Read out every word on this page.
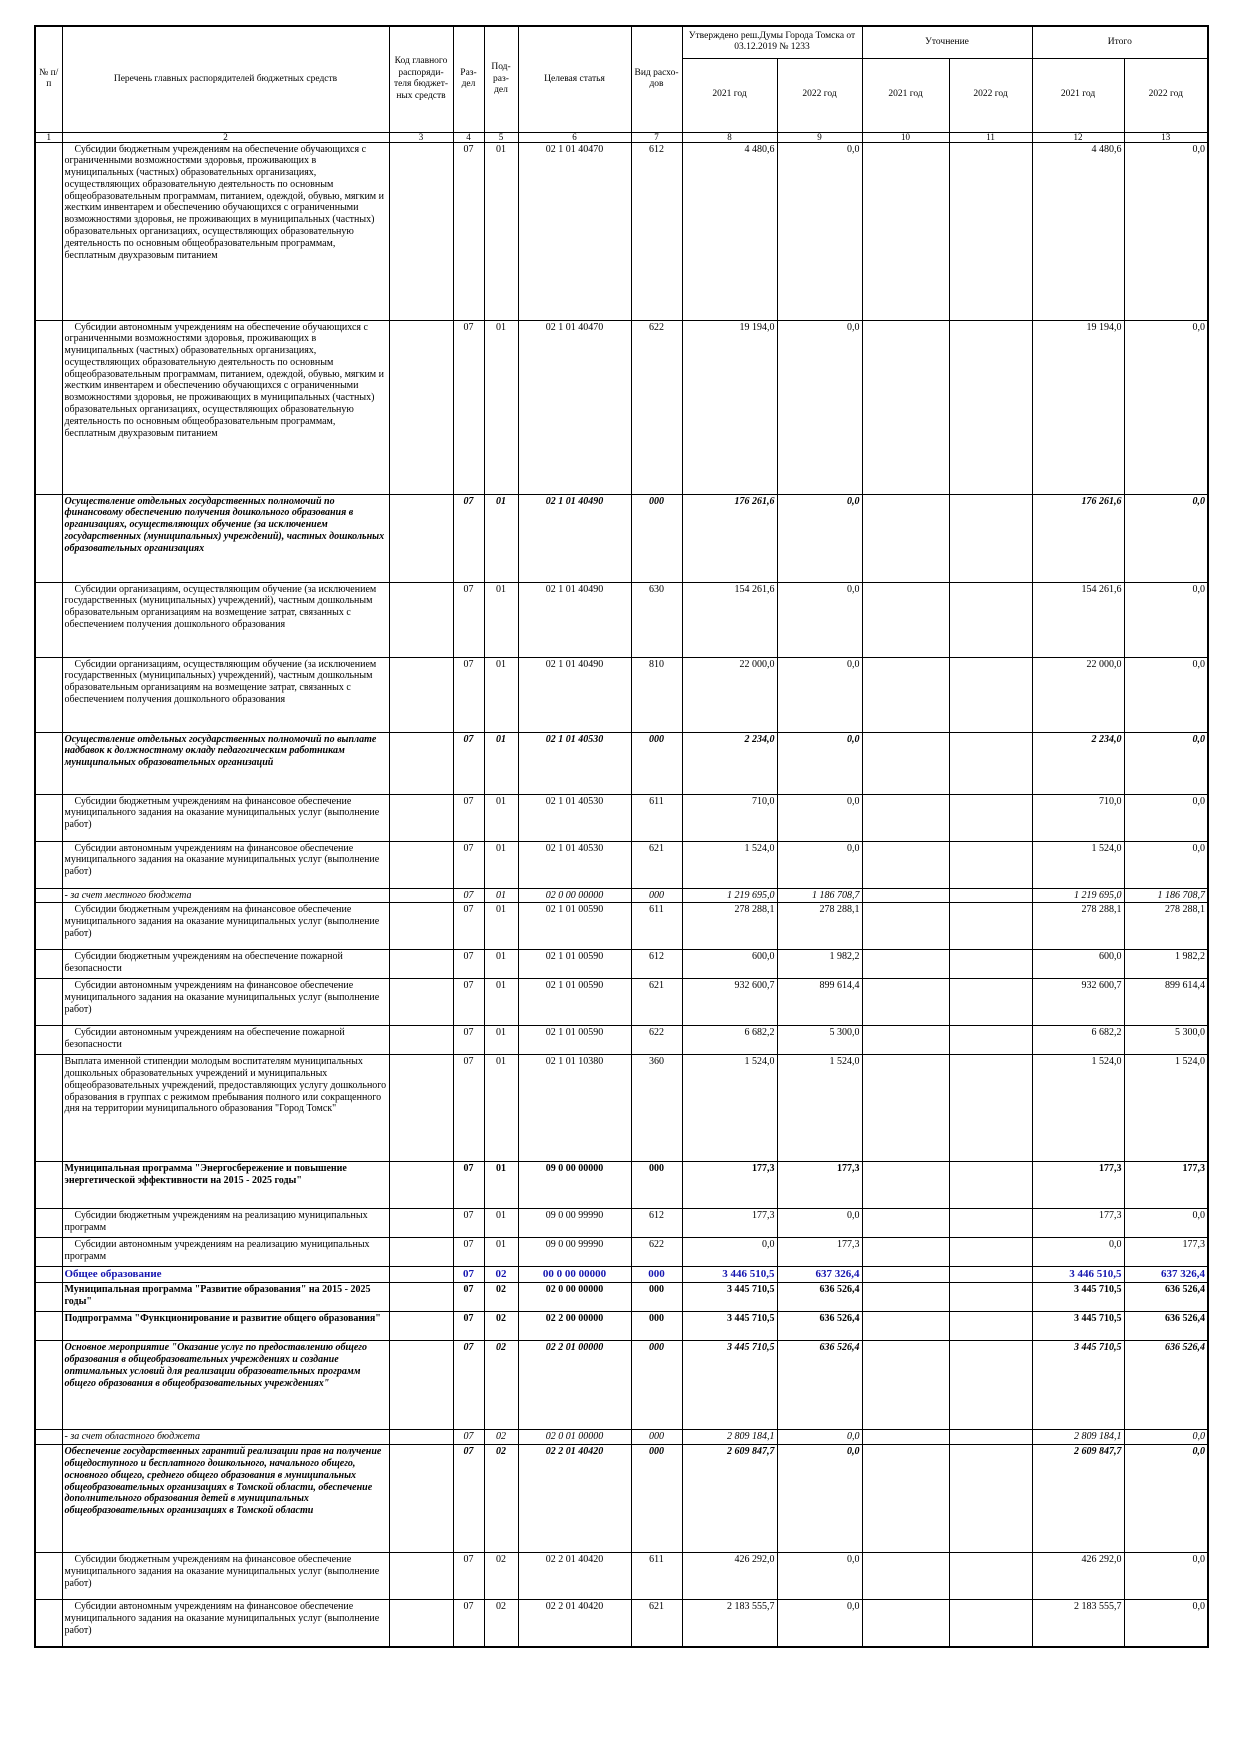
№ п/п	Перечень главных распорядителей бюджетных средств	Код главного распоряди-теля бюджет-ных средств	Раз-дел	Под-раз-дел	Целевая статья	Вид расхо-дов	Утверждено реш.Думы Города Томска от 03.12.2019 № 1233		Уточнение		Итого	
							2021 год	2022 год	2021 год	2022 год	2021 год	2022 год
1	2	3	4	5	6	7	8	9	10	11	12	13
	Субсидии бюджетным учреждениям на обеспечение обучающихся с ограниченными возможностями здоровья, проживающих в муниципальных (частных) образовательных организациях, осуществляющих образовательную деятельность по основным общеобразовательным программам, питанием, одеждой, обувью, мягким и жестким инвентарем и обеспечению обучающихся с ограниченными возможностями здоровья, не проживающих в муниципальных (частных) образовательных организациях, осуществляющих образовательную деятельность по основным общеобразовательным программам, бесплатным двухразовым питанием		07	01	02 1 01 40470	612	4 480,6	0,0			4 480,6	0,0
	Субсидии автономным учреждениям на обеспечение обучающихся с ограниченными возможностями здоровья, проживающих в муниципальных (частных) образовательных организациях, осуществляющих образовательную деятельность по основным общеобразовательным программам, питанием, одеждой, обувью, мягким и жестким инвентарем и обеспечению обучающихся с ограниченными возможностями здоровья, не проживающих в муниципальных (частных) образовательных организациях, осуществляющих образовательную деятельность по основным общеобразовательным программам, бесплатным двухразовым питанием		07	01	02 1 01 40470	622	19 194,0	0,0			19 194,0	0,0
	Осуществление отдельных государственных полномочий по финансовому обеспечению получения дошкольного образования в организациях, осуществляющих обучение (за исключением государственных (муниципальных) учреждений), частных дошкольных образовательных организациях		07	01	02 1 01 40490	000	176 261,6	0,0			176 261,6	0,0
	Субсидии организациям, осуществляющим обучение (за исключением государственных (муниципальных) учреждений), частным дошкольным образовательным организациям на возмещение затрат, связанных с обеспечением получения дошкольного образования		07	01	02 1 01 40490	630	154 261,6	0,0			154 261,6	0,0
	Субсидии организациям, осуществляющим обучение (за исключением государственных (муниципальных) учреждений), частным дошкольным образовательным организациям на возмещение затрат, связанных с обеспечением получения дошкольного образования		07	01	02 1 01 40490	810	22 000,0	0,0			22 000,0	0,0
	Осуществление отдельных государственных полномочий по выплате надбавок к должностному окладу педагогическим работникам муниципальных образовательных организаций		07	01	02 1 01 40530	000	2 234,0	0,0			2 234,0	0,0
	Субсидии бюджетным учреждениям на финансовое обеспечение муниципального задания на оказание муниципальных услуг (выполнение работ)		07	01	02 1 01 40530	611	710,0	0,0			710,0	0,0
	Субсидии автономным учреждениям на финансовое обеспечение муниципального задания на оказание муниципальных услуг (выполнение работ)		07	01	02 1 01 40530	621	1 524,0	0,0			1 524,0	0,0
	- за счет местного бюджета		07	01	02 0 00 00000	000	1 219 695,0	1 186 708,7			1 219 695,0	1 186 708,7
	Субсидии бюджетным учреждениям на финансовое обеспечение муниципального задания на оказание муниципальных услуг (выполнение работ)		07	01	02 1 01 00590	611	278 288,1	278 288,1			278 288,1	278 288,1
	Субсидии бюджетным учреждениям на обеспечение пожарной безопасности		07	01	02 1 01 00590	612	600,0	1 982,2			600,0	1 982,2
	Субсидии автономным учреждениям на финансовое обеспечение муниципального задания на оказание муниципальных услуг (выполнение работ)		07	01	02 1 01 00590	621	932 600,7	899 614,4			932 600,7	899 614,4
	Субсидии автономным учреждениям на обеспечение пожарной безопасности		07	01	02 1 01 00590	622	6 682,2	5 300,0			6 682,2	5 300,0
	Выплата именной стипендии молодым воспитателям муниципальных дошкольных образовательных учреждений и муниципальных общеобразовательных учреждений, предоставляющих услугу дошкольного образования в группах с режимом пребывания полного или сокращенного дня на территории муниципального образования "Город Томск"		07	01	02 1 01 10380	360	1 524,0	1 524,0			1 524,0	1 524,0
	Муниципальная программа "Энергосбережение и повышение энергетической эффективности на 2015 - 2025 годы"		07	01	09 0 00 00000	000	177,3	177,3			177,3	177,3
	Субсидии бюджетным учреждениям на реализацию муниципальных программ		07	01	09 0 00 99990	612	177,3	0,0			177,3	0,0
	Субсидии автономным учреждениям на реализацию муниципальных программ		07	01	09 0 00 99990	622	0,0	177,3			0,0	177,3
	Общее образование		07	02	00 0 00 00000	000	3 446 510,5	637 326,4			3 446 510,5	637 326,4
	Муниципальная программа "Развитие образования" на 2015 - 2025 годы"		07	02	02 0 00 00000	000	3 445 710,5	636 526,4			3 445 710,5	636 526,4
	Подпрограмма "Функционирование и развитие общего образования"		07	02	02 2 00 00000	000	3 445 710,5	636 526,4			3 445 710,5	636 526,4
	Основное мероприятие "Оказание услуг по предоставлению общего образования в общеобразовательных учреждениях и создание оптимальных условий для реализации образовательных программ общего образования в общеобразовательных учреждениях"		07	02	02 2 01 00000	000	3 445 710,5	636 526,4			3 445 710,5	636 526,4
	- за счет областного бюджета		07	02	02 0 01 00000	000	2 809 184,1	0,0			2 809 184,1	0,0
	Обеспечение государственных гарантий реализации прав на получение общедоступного и бесплатного дошкольного, начального общего, основного общего, среднего общего образования в муниципальных общеобразовательных организациях в Томской области, обеспечение дополнительного образования детей в муниципальных общеобразовательных организациях в Томской области		07	02	02 2 01 40420	000	2 609 847,7	0,0			2 609 847,7	0,0
	Субсидии бюджетным учреждениям на финансовое обеспечение муниципального задания на оказание муниципальных услуг (выполнение работ)		07	02	02 2 01 40420	611	426 292,0	0,0			426 292,0	0,0
	Субсидии автономным учреждениям на финансовое обеспечение муниципального задания на оказание муниципальных услуг (выполнение работ)		07	02	02 2 01 40420	621	2 183 555,7	0,0			2 183 555,7	0,0
